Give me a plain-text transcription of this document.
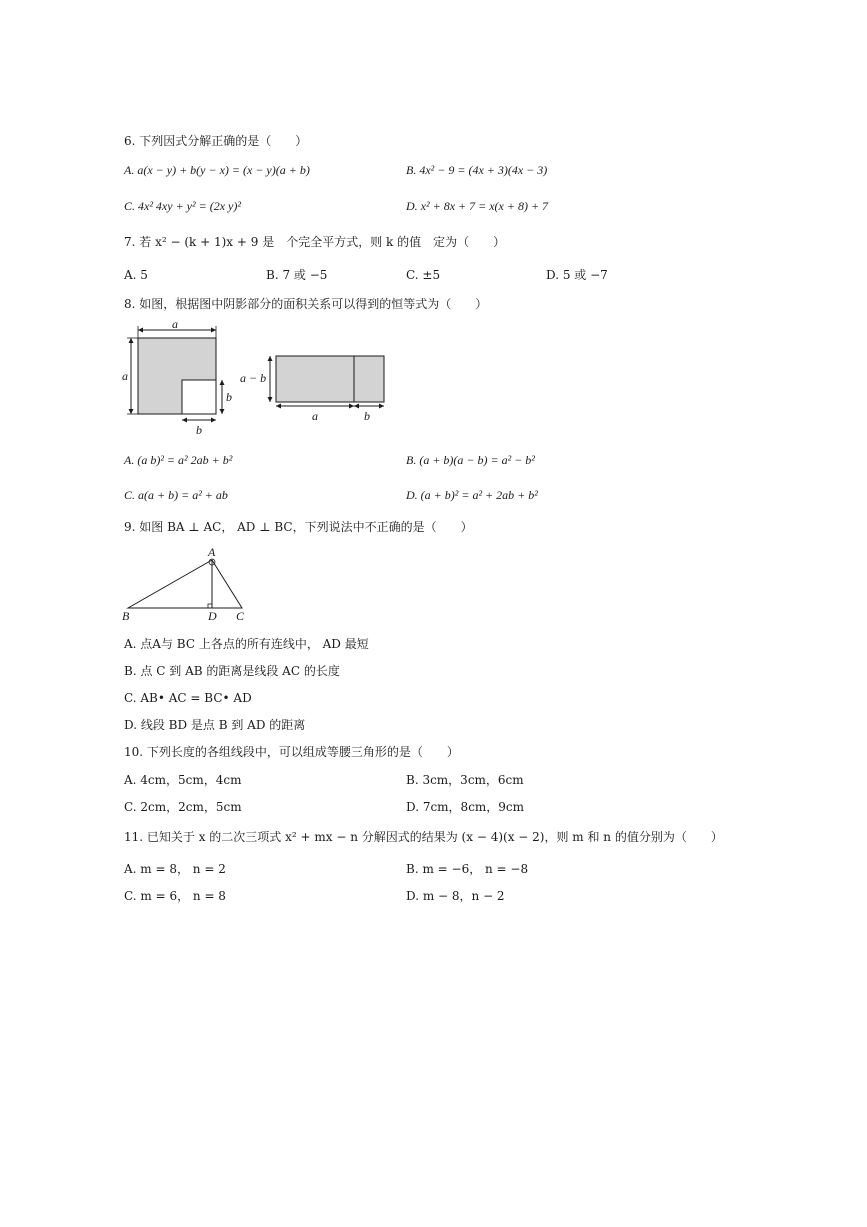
6. 下列因式分解正确的是（　　）
A. a(x − y) + b(y − x) = (x − y)(a + b)	B. 4x² − 9 = (4x + 3)(4x − 3)
C. 4x² 4xy + y² = (2x y)²	D. x² + 8x + 7 = x(x + 8) + 7
7. 若 x² − (k + 1)x + 9 是　个完全平方式，则 k 的值　定为（　　）
A. 5	B. 7 或 −5	C. ±5	D. 5 或 −7
8. 如图，根据图中阴影部分的面积关系可以得到的恒等式为（　　）
a
a
b
b
a − b
a	b
A. (a b)² = a² 2ab + b²	B. (a + b)(a − b) = a² − b²
C. a(a + b) = a² + ab	D. (a + b)² = a² + 2ab + b²
9. 如图 BA ⊥ AC， AD ⊥ BC，下列说法中不正确的是（　　）
A
B	D C
A. 点A与 BC 上各点的所有连线中， AD 最短
B. 点 C 到 AB 的距离是线段 AC 的长度
C. AB• AC = BC• AD
D. 线段 BD 是点 B 到 AD 的距离
10. 下列长度的各组线段中，可以组成等腰三角形的是（　　）
A. 4cm，5cm，4cm	B. 3cm，3cm，6cm
C. 2cm，2cm，5cm	D. 7cm，8cm，9cm
11. 已知关于 x 的二次三项式 x² + mx − n 分解因式的结果为 (x − 4)(x − 2)，则 m 和 n 的值分别为（　　）
A. m = 8， n = 2	B. m = −6， n = −8
C. m = 6， n = 8	D. m − 8，n − 2
